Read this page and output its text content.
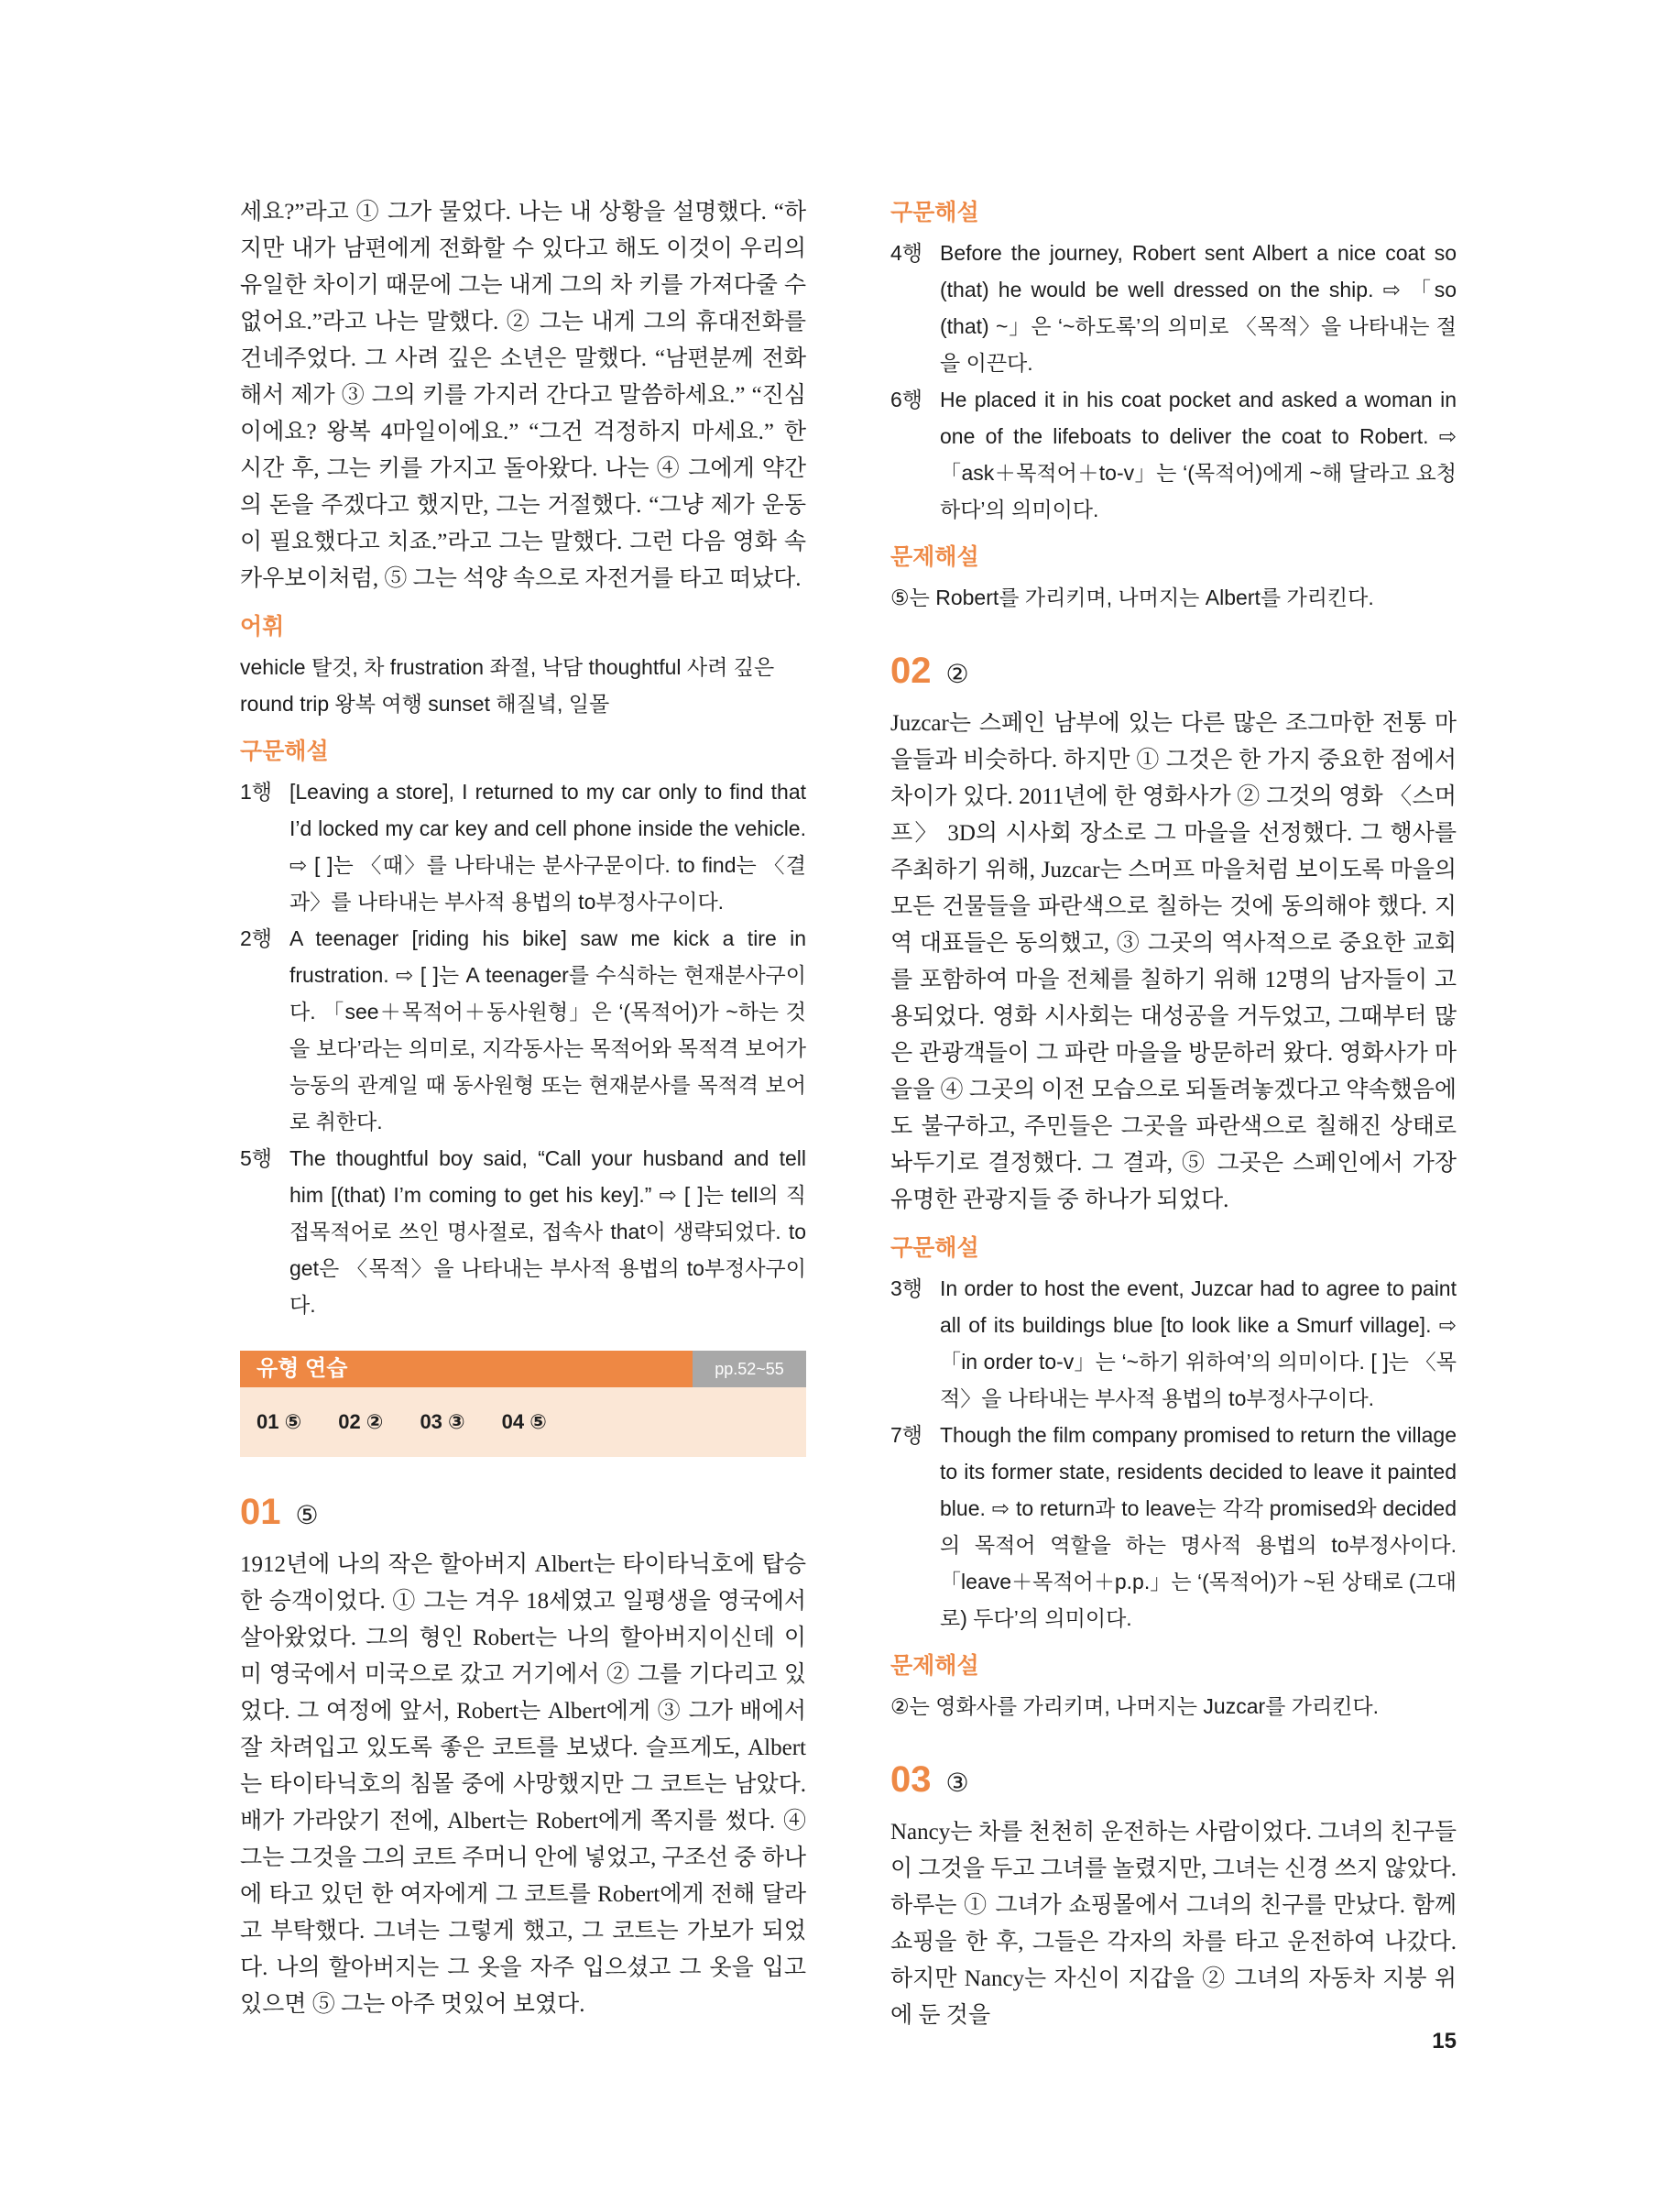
세요?”라고 ① 그가 물었다. 나는 내 상황을 설명했다. “하지만 내가 남편에게 전화할 수 있다고 해도 이것이 우리의 유일한 차이기 때문에 그는 내게 그의 차 키를 가져다줄 수 없어요.”라고 나는 말했다. ② 그는 내게 그의 휴대전화를 건네주었다. 그 사려 깊은 소년은 말했다. “남편분께 전화해서 제가 ③ 그의 키를 가지러 간다고 말씀하세요.” “진심이에요? 왕복 4마일이에요.” “그건 걱정하지 마세요.” 한 시간 후, 그는 키를 가지고 돌아왔다. 나는 ④ 그에게 약간의 돈을 주겠다고 했지만, 그는 거절했다. “그냥 제가 운동이 필요했다고 치죠.”라고 그는 말했다. 그런 다음 영화 속 카우보이처럼, ⑤ 그는 석양 속으로 자전거를 타고 떠났다.

어휘

vehicle 탈것, 차 frustration 좌절, 낙담 thoughtful 사려 깊은 round trip 왕복 여행 sunset 해질녘, 일몰

구문해설
1행 [Leaving a store], I returned to my car only to find that I’d locked my car key and cell phone inside the vehicle. ⇨ [ ]는 〈때〉를 나타내는 분사구문이다. to find는 〈결과〉를 나타내는 부사적 용법의 to부정사구이다.
2행 A teenager [riding his bike] saw me kick a tire in frustration. ⇨ [ ]는 A teenager를 수식하는 현재분사구이다. 「see＋목적어＋동사원형」은 ‘(목적어)가 ~하는 것을 보다’라는 의미로, 지각동사는 목적어와 목적격 보어가 능동의 관계일 때 동사원형 또는 현재분사를 목적격 보어로 취한다.
5행 The thoughtful boy said, “Call your husband and tell him [(that) I’m coming to get his key].” ⇨ [ ]는 tell의 직접목적어로 쓰인 명사절로, 접속사 that이 생략되었다. to get은 〈목적〉을 나타내는 부사적 용법의 to부정사구이다.
유형 연습	pp.52~55
01 ⑤ 02 ② 03 ③ 04 ⑤
01 ⑤

1912년에 나의 작은 할아버지 Albert는 타이타닉호에 탑승한 승객이었다. ① 그는 겨우 18세였고 일평생을 영국에서 살아왔었다. 그의 형인 Robert는 나의 할아버지이신데 이미 영국에서 미국으로 갔고 거기에서 ② 그를 기다리고 있었다. 그 여정에 앞서, Robert는 Albert에게 ③ 그가 배에서 잘 차려입고 있도록 좋은 코트를 보냈다. 슬프게도, Albert는 타이타닉호의 침몰 중에 사망했지만 그 코트는 남았다. 배가 가라앉기 전에, Albert는 Robert에게 쪽지를 썼다. ④ 그는 그것을 그의 코트 주머니 안에 넣었고, 구조선 중 하나에 타고 있던 한 여자에게 그 코트를 Robert에게 전해 달라고 부탁했다. 그녀는 그렇게 했고, 그 코트는 가보가 되었다. 나의 할아버지는 그 옷을 자주 입으셨고 그 옷을 입고 있으면 ⑤ 그는 아주 멋있어 보였다.

구문해설
4행 Before the journey, Robert sent Albert a nice coat so (that) he would be well dressed on the ship. ⇨ 「so (that) ~」은 ‘~하도록’의 의미로 〈목적〉을 나타내는 절을 이끈다.
6행 He placed it in his coat pocket and asked a woman in one of the lifeboats to deliver the coat to Robert. ⇨ 「ask＋목적어＋to-v」는 ‘(목적어)에게 ~해 달라고 요청하다’의 의미이다.
문제해설

⑤는 Robert를 가리키며, 나머지는 Albert를 가리킨다.

02 ②

Juzcar는 스페인 남부에 있는 다른 많은 조그마한 전통 마을들과 비슷하다. 하지만 ① 그것은 한 가지 중요한 점에서 차이가 있다. 2011년에 한 영화사가 ② 그것의 영화 〈스머프〉 3D의 시사회 장소로 그 마을을 선정했다. 그 행사를 주최하기 위해, Juzcar는 스머프 마을처럼 보이도록 마을의 모든 건물들을 파란색으로 칠하는 것에 동의해야 했다. 지역 대표들은 동의했고, ③ 그곳의 역사적으로 중요한 교회를 포함하여 마을 전체를 칠하기 위해 12명의 남자들이 고용되었다. 영화 시사회는 대성공을 거두었고, 그때부터 많은 관광객들이 그 파란 마을을 방문하러 왔다. 영화사가 마을을 ④ 그곳의 이전 모습으로 되돌려놓겠다고 약속했음에도 불구하고, 주민들은 그곳을 파란색으로 칠해진 상태로 놔두기로 결정했다. 그 결과, ⑤ 그곳은 스페인에서 가장 유명한 관광지들 중 하나가 되었다.

구문해설
3행 In order to host the event, Juzcar had to agree to paint all of its buildings blue [to look like a Smurf village]. ⇨ 「in order to-v」는 ‘~하기 위하여’의 의미이다. [ ]는 〈목적〉을 나타내는 부사적 용법의 to부정사구이다.
7행 Though the film company promised to return the village to its former state, residents decided to leave it painted blue. ⇨ to return과 to leave는 각각 promised와 decided의 목적어 역할을 하는 명사적 용법의 to부정사이다. 「leave＋목적어＋p.p.」는 ‘(목적어)가 ~된 상태로 (그대로) 두다’의 의미이다.
문제해설

②는 영화사를 가리키며, 나머지는 Juzcar를 가리킨다.

03 ③

Nancy는 차를 천천히 운전하는 사람이었다. 그녀의 친구들이 그것을 두고 그녀를 놀렸지만, 그녀는 신경 쓰지 않았다. 하루는 ① 그녀가 쇼핑몰에서 그녀의 친구를 만났다. 함께 쇼핑을 한 후, 그들은 각자의 차를 타고 운전하여 나갔다. 하지만 Nancy는 자신이 지갑을 ② 그녀의 자동차 지붕 위에 둔 것을

15
